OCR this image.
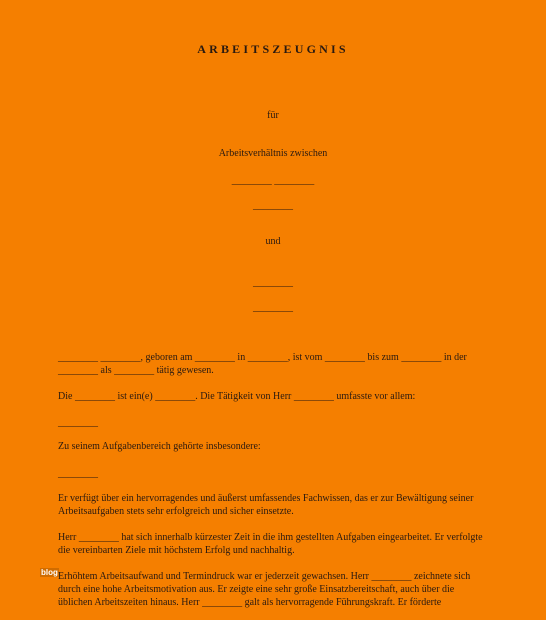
ARBEITSZEUGNIS
für
Arbeitsverhältnis zwischen
________ ________
________
und
________
________
________ ________, geboren am ________ in ________, ist vom ________ bis zum ________ in der ________ als ________ tätig gewesen.
Die ________ ist ein(e) ________. Die Tätigkeit von Herr ________ umfasste vor allem:
________
Zu seinem Aufgabenbereich gehörte insbesondere:
________
Er verfügt über ein hervorragendes und äußerst umfassendes Fachwissen, das er zur Bewältigung seiner Arbeitsaufgaben stets sehr erfolgreich und sicher einsetzte.
Herr ________ hat sich innerhalb kürzester Zeit in die ihm gestellten Aufgaben eingearbeitet. Er verfolgte die vereinbarten Ziele mit höchstem Erfolg und nachhaltig.
Erhöhtem Arbeitsaufwand und Termindruck war er jederzeit gewachsen. Herr ________ zeichnete sich durch eine hohe Arbeitsmotivation aus. Er zeigte eine sehr große Einsatzbereitschaft, auch über die üblichen Arbeitszeiten hinaus. Herr ________ galt als hervorragende Führungskraft. Er förderte
blog
